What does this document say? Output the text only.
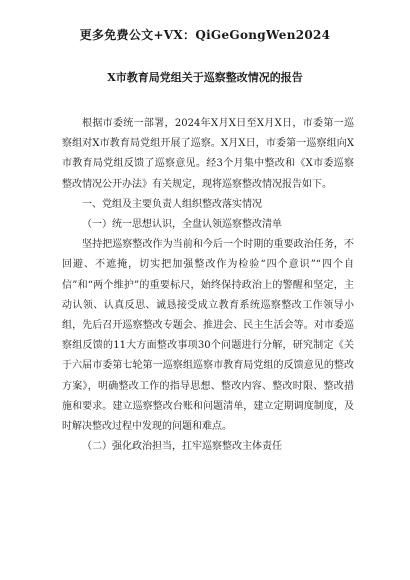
更多免费公文+VX：QiGeGongWen2024
X市教育局党组关于巡察整改情况的报告

根据市委统一部署，2024年X月X日至X月X日，市委第一巡察组对X市教育局党组开展了巡察。X月X日，市委第一巡察组向X市教育局党组反馈了巡察意见。经3个月集中整改和《X市委巡察整改情况公开办法》有关规定，现将巡察整改情况报告如下。

一、党组及主要负责人组织整改落实情况

（一）统一思想认识，全盘认领巡察整改清单

坚持把巡察整改作为当前和今后一个时期的重要政治任务，不回避、不遮掩，切实把加强整改作为检验“四个意识”“四个自信”和“两个维护”的重要标尺，始终保持政治上的警醒和坚定，主动认领、认真反思、诚恳接受成立教育系统巡察整改工作领导小组，先后召开巡察整改专题会、推进会、民主生活会等。对市委巡察组反馈的11大方面整改事项30个问题进行分解，研究制定《关于六届市委第七轮第一巡察组巡察市教育局党组的反馈意见的整改方案》，明确整改工作的指导思想、整改内容、整改时限、整改措施和要求。建立巡察整改台账和问题清单，建立定期调度制度，及时解决整改过程中发现的问题和难点。

（二）强化政治担当，扛牢巡察整改主体责任
